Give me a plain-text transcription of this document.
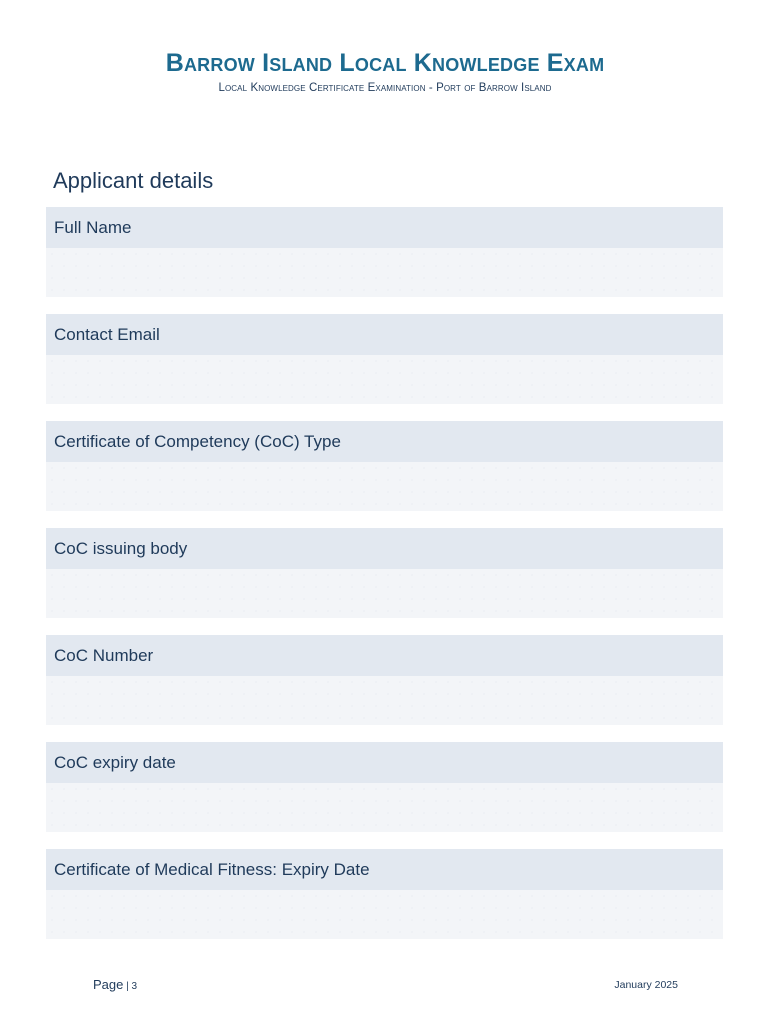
Barrow Island Local Knowledge Exam
Local Knowledge Certificate Examination - Port of Barrow Island
Applicant details
Full Name
Contact Email
Certificate of Competency (CoC) Type
CoC issuing body
CoC Number
CoC expiry date
Certificate of Medical Fitness: Expiry Date
Page | 3	January 2025
